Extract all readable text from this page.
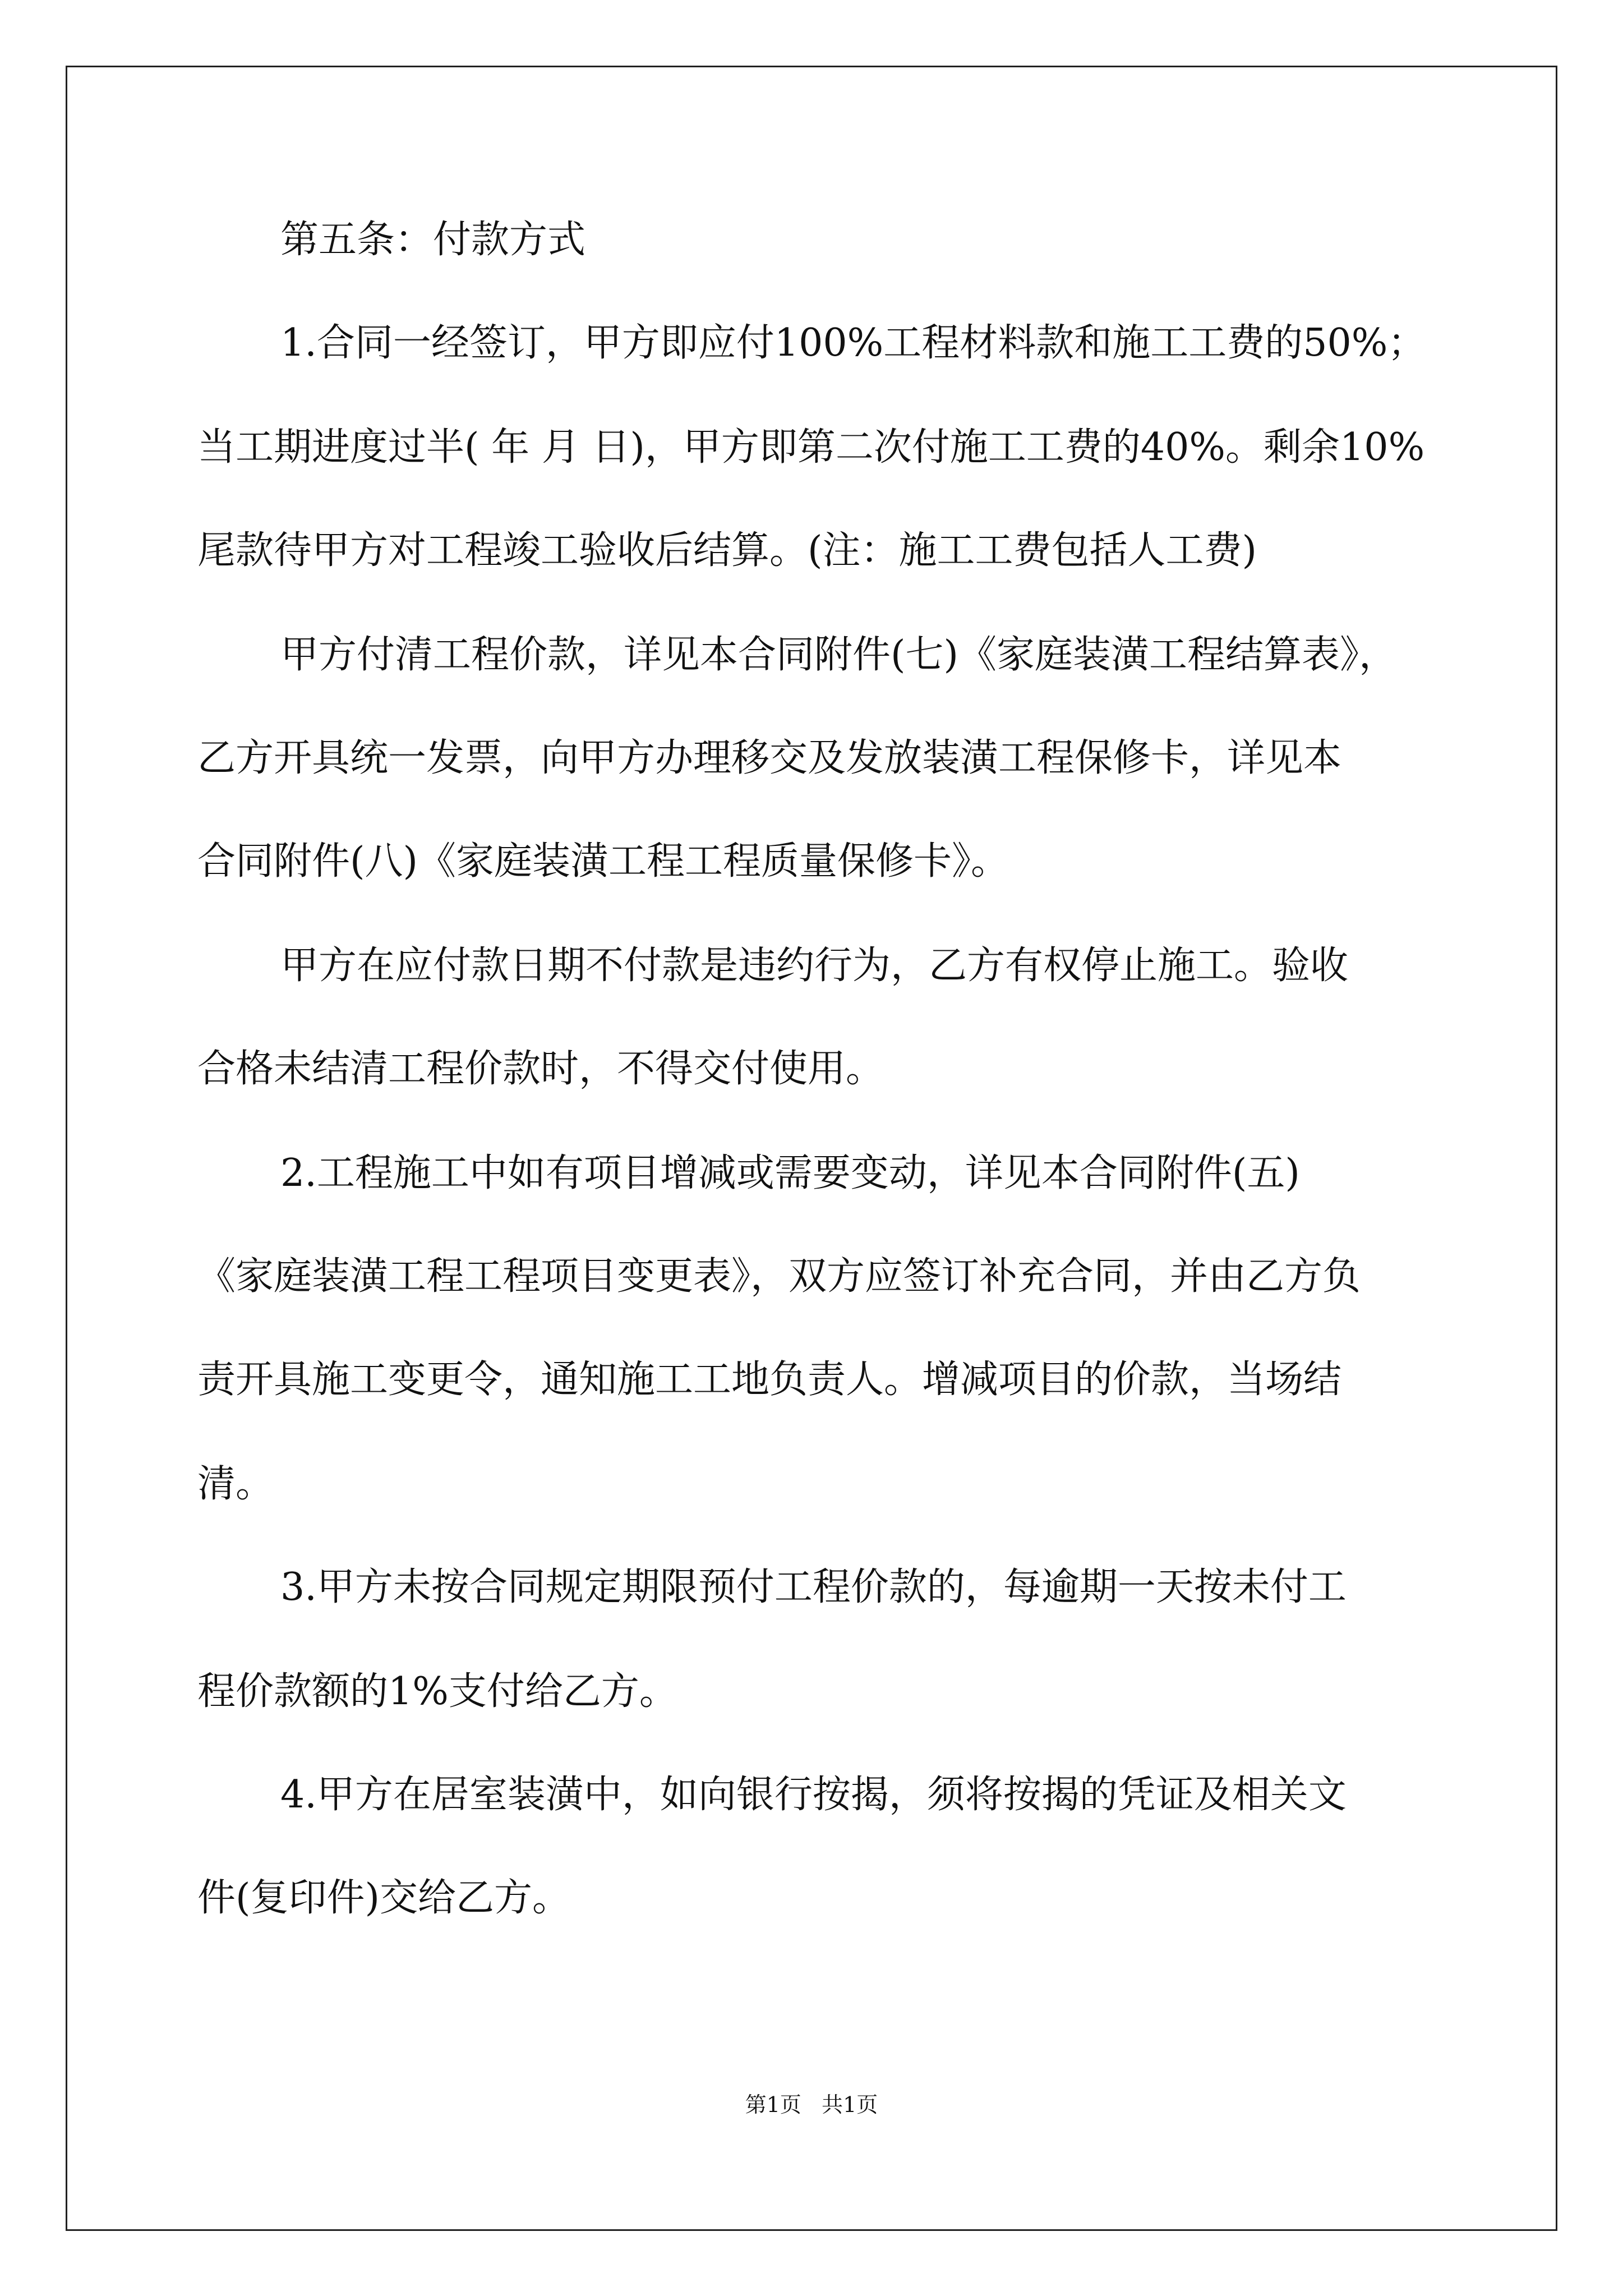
第五条：付款方式
1.合同一经签订，甲方即应付100%工程材料款和施工工费的50%；
当工期进度过半( 年 月 日)，甲方即第二次付施工工费的40%。剩余10%
尾款待甲方对工程竣工验收后结算。(注：施工工费包括人工费)
甲方付清工程价款，详见本合同附件(七)《家庭装潢工程结算表》，
乙方开具统一发票，向甲方办理移交及发放装潢工程保修卡，详见本
合同附件(八)《家庭装潢工程工程质量保修卡》。
甲方在应付款日期不付款是违约行为，乙方有权停止施工。验收
合格未结清工程价款时，不得交付使用。
2.工程施工中如有项目增减或需要变动，详见本合同附件(五)
《家庭装潢工程工程项目变更表》，双方应签订补充合同，并由乙方负
责开具施工变更令，通知施工工地负责人。增减项目的价款，当场结
清。
3.甲方未按合同规定期限预付工程价款的，每逾期一天按未付工
程价款额的1%支付给乙方。
4.甲方在居室装潢中，如向银行按揭，须将按揭的凭证及相关文
件(复印件)交给乙方。
第1页   共1页
